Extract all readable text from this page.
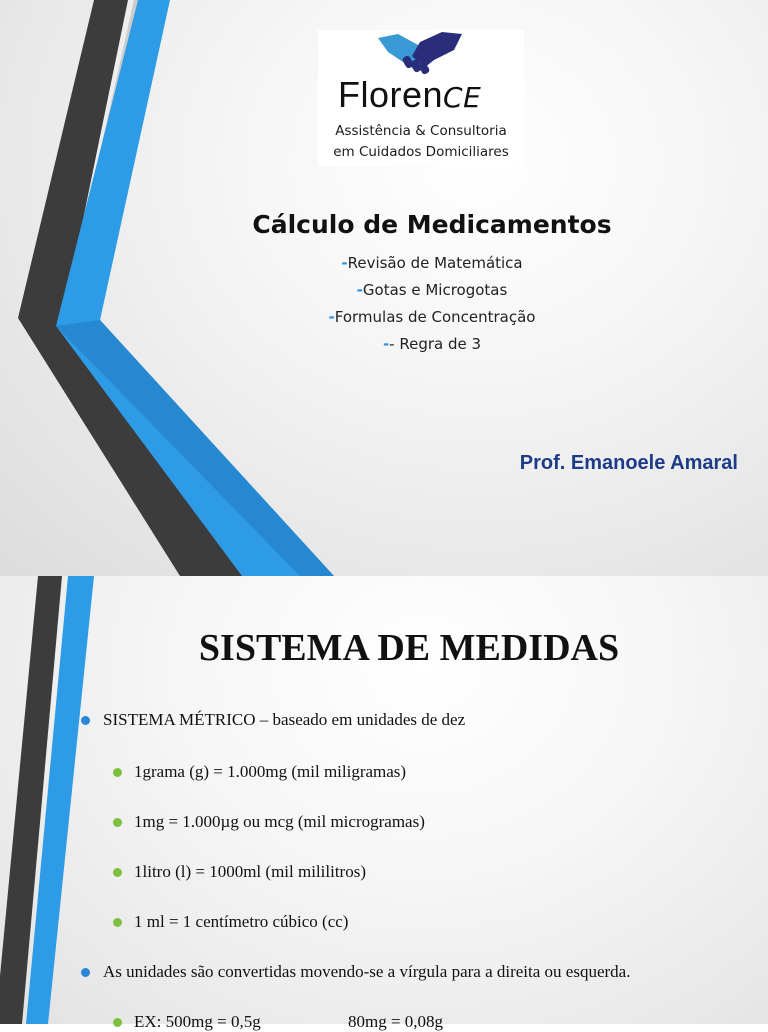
FlorenCE
Assistência & Consultoria
em Cuidados Domiciliares
Cálculo de Medicamentos
-Revisão de Matemática
-Gotas e Microgotas
-Formulas de Concentração
-- Regra de 3
Prof. Emanoele Amaral
SISTEMA DE MEDIDAS
SISTEMA MÉTRICO – baseado em unidades de dez
1grama (g) = 1.000mg (mil miligramas)
1mg = 1.000µg ou mcg (mil microgramas)
1litro (l) = 1000ml (mil mililitros)
1 ml = 1 centímetro cúbico (cc)
As unidades são convertidas movendo-se a vírgula para a direita ou esquerda.
EX: 500mg = 0,5g	80mg = 0,08g
